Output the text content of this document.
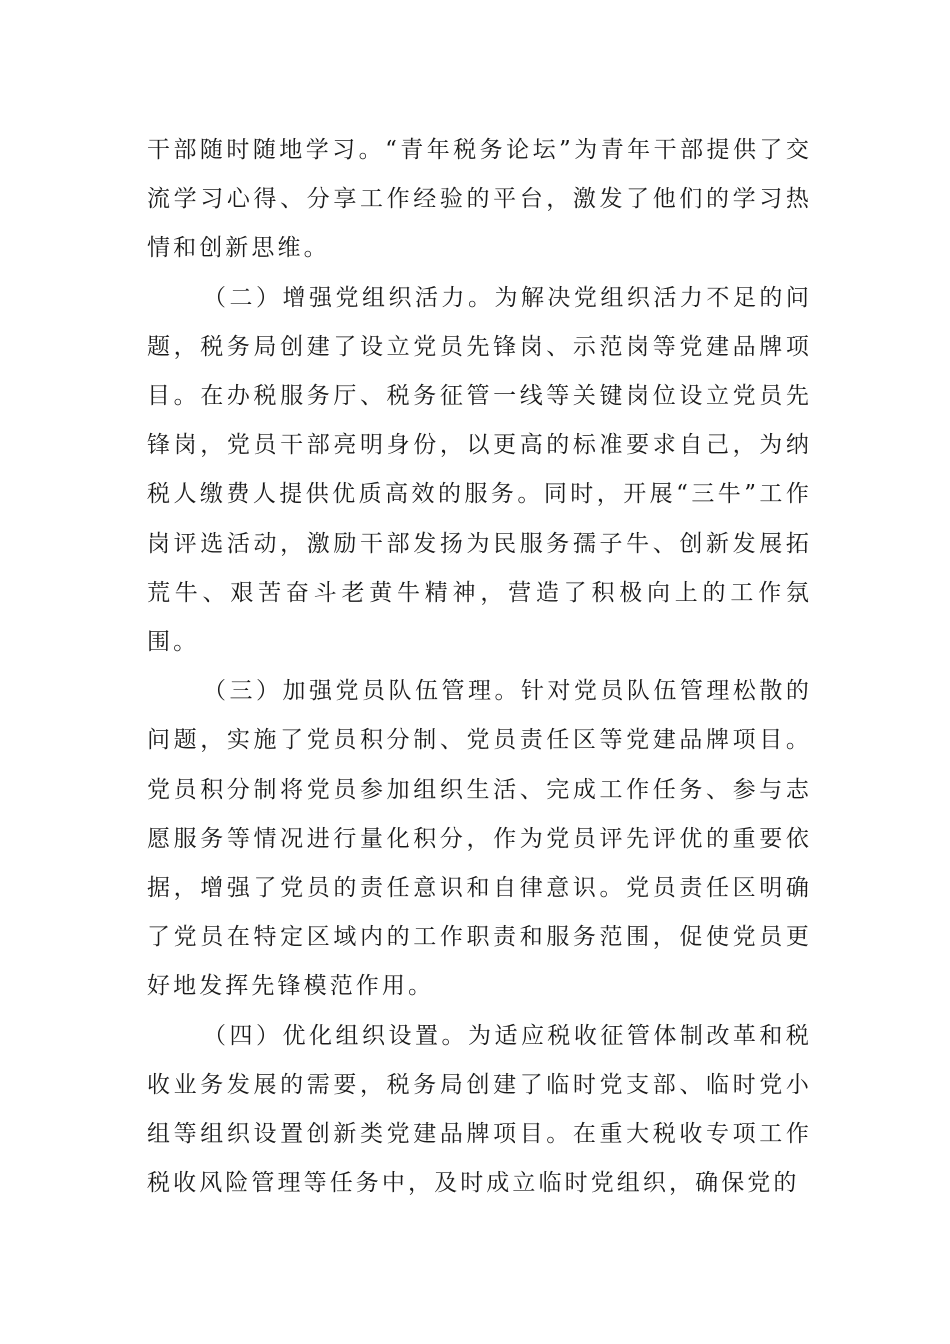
干部随时随地学习。“青年税务论坛”为青年干部提供了交流学习心得、分享工作经验的平台，激发了他们的学习热情和创新思维。

（二）增强党组织活力。为解决党组织活力不足的问题，税务局创建了设立党员先锋岗、示范岗等党建品牌项目。在办税服务厅、税务征管一线等关键岗位设立党员先锋岗，党员干部亮明身份，以更高的标准要求自己，为纳税人缴费人提供优质高效的服务。同时，开展“三牛”工作岗评选活动，激励干部发扬为民服务孺子牛、创新发展拓荒牛、艰苦奋斗老黄牛精神，营造了积极向上的工作氛围。

（三）加强党员队伍管理。针对党员队伍管理松散的问题，实施了党员积分制、党员责任区等党建品牌项目。党员积分制将党员参加组织生活、完成工作任务、参与志愿服务等情况进行量化积分，作为党员评先评优的重要依据，增强了党员的责任意识和自律意识。党员责任区明确了党员在特定区域内的工作职责和服务范围，促使党员更好地发挥先锋模范作用。

（四）优化组织设置。为适应税收征管体制改革和税收业务发展的需要，税务局创建了临时党支部、临时党小组等组织设置创新类党建品牌项目。在重大税收专项工作税收风险管理等任务中，及时成立临时党组织，确保党的
